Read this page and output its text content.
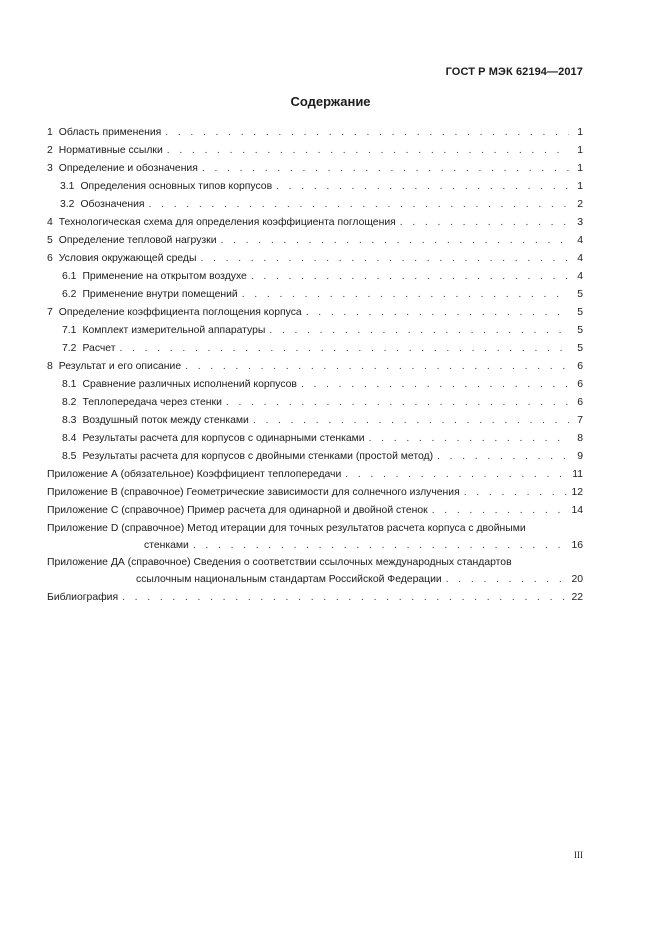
ГОСТ Р МЭК 62194—2017
Содержание
1 Область применения . . .	1
2 Нормативные ссылки . . .	1
3 Определение и обозначения . . .	1
3.1 Определения основных типов корпусов . . .	1
3.2 Обозначения . . .	2
4 Технологическая схема для определения коэффициента поглощения . . .	3
5 Определение тепловой нагрузки . . .	4
6 Условия окружающей среды . . .	4
6.1 Применение на открытом воздухе . . .	4
6.2 Применение внутри помещений . . .	5
7 Определение коэффициента поглощения корпуса . . .	5
7.1 Комплект измерительной аппаратуры . . .	5
7.2 Расчет . . .	5
8 Результат и его описание . . .	6
8.1 Сравнение различных исполнений корпусов . . .	6
8.2 Теплопередача через стенки . . .	6
8.3 Воздушный поток между стенками . . .	7
8.4 Результаты расчета для корпусов с одинарными стенками . . .	8
8.5 Результаты расчета для корпусов с двойными стенками (простой метод) . . .	9
Приложение А (обязательное) Коэффициент теплопередачи . . .	11
Приложение В (справочное) Геометрические зависимости для солнечного излучения . . .	12
Приложение С (справочное) Пример расчета для одинарной и двойной стенок . . .	14
Приложение D (справочное) Метод итерации для точных результатов расчета корпуса с двойными
стенками . . .	16
Приложение ДА (справочное) Сведения о соответствии ссылочных международных стандартов
ссылочным национальным стандартам Российской Федерации . . .	20
Библиография . . .	22
III
